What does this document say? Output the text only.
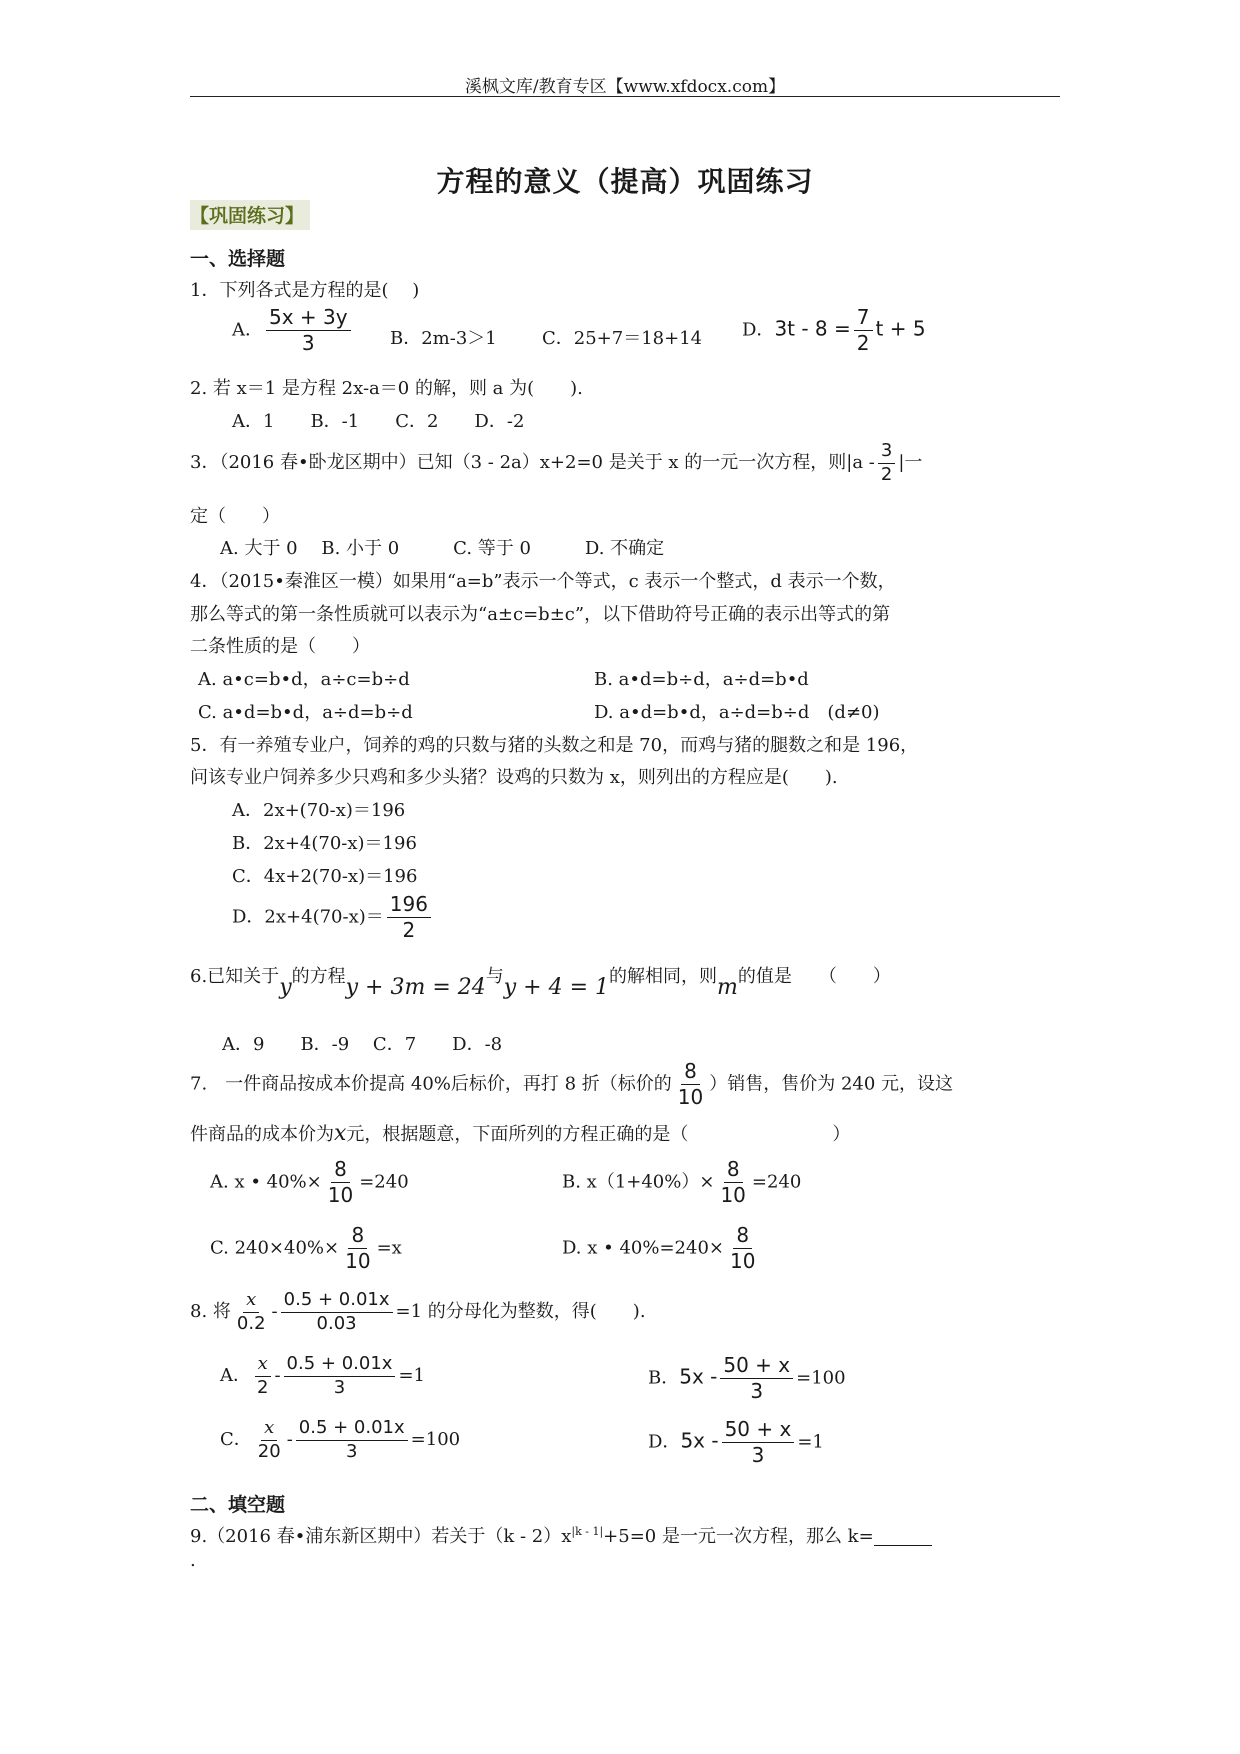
溪枫文库/教育专区【www.xfdocx.com】
方程的意义（提高）巩固练习
【巩固练习】
一、选择题
1．下列各式是方程的是(　 )
A． $\frac{5x + 3y}{3}$ B．2m-3＞1	C．25+7＝18+14 D．$3t - 8 = \frac{7}{2}$ t + 5
2. 若 x＝1 是方程 2x-a＝0 的解，则 a 为(　　).
A．1　　B．-1　　C．2　　D．-2
3．（2016 春•卧龙区期中）已知（3 - 2a）x+2=0 是关于 x 的一元一次方程，则$|a - \frac{3}{2}$ |一
定（　　）
A. 大于 0　 B. 小于 0　　　C. 等于 0　　　D. 不确定
4．（2015•秦淮区一模）如果用“a=b”表示一个等式，c 表示一个整式，d 表示一个数，
那么等式的第一条性质就可以表示为“a±c=b±c”，以下借助符号正确的表示出等式的第
二条性质的是（　　）
A. a•c=b•d，a÷c=b÷d	B. a•d=b÷d，a÷d=b•d
C. a•d=b•d，a÷d=b÷d	D. a•d=b•d，a÷d=b÷d　(d≠0)
5．有一养殖专业户，饲养的鸡的只数与猪的头数之和是 70，而鸡与猪的腿数之和是 196，
问该专业户饲养多少只鸡和多少头猪？设鸡的只数为 x，则列出的方程应是(　　).
A．2x+(70-x)＝196
B．2x+4(70-x)＝196
C．4x+2(70-x)＝196
D．$2x+4(70-x)= \frac{196}{2}$
6.已知关于y的方程y + 3m = 24与y + 4 = 1的解相同，则m的值是　　（　　）
A．9　　B．-9　 C．7　　D．-8
7.　一件商品按成本价提高 40%后标价，再打 8 折（标价的 $\frac{8}{10}$ ）销售，售价为 240 元，设这
件商品的成本价为x元，根据题意，下面所列的方程正确的是（　　　　　　　　）
A. x • $40\%\times \frac{8}{10} =240$	B. $x(1+40\%)\times \frac{8}{10} =240$
C. $240\times 40\%\times \frac{8}{10} =x$	D. x • $40\%=240\times \frac{8}{10}$
8. 将 $\frac{x}{0.2} - \frac{0.5 + 0.01x}{0.03} =1$ 的分母化为整数，得(　　).
A． $\frac{x}{2} - \frac{0.5 + 0.01x}{3} =1$	B．$5x - \frac{50 + x}{3} =100$
C． $\frac{x}{20} - \frac{0.5 + 0.01x}{3} =100$	D．$5x - \frac{50 + x}{3} =1$
二、填空题
9.（2016 春•浦东新区期中）若关于$(k - 2)x^{|k - 1|}+5=0$ 是一元一次方程，那么 k=
.
